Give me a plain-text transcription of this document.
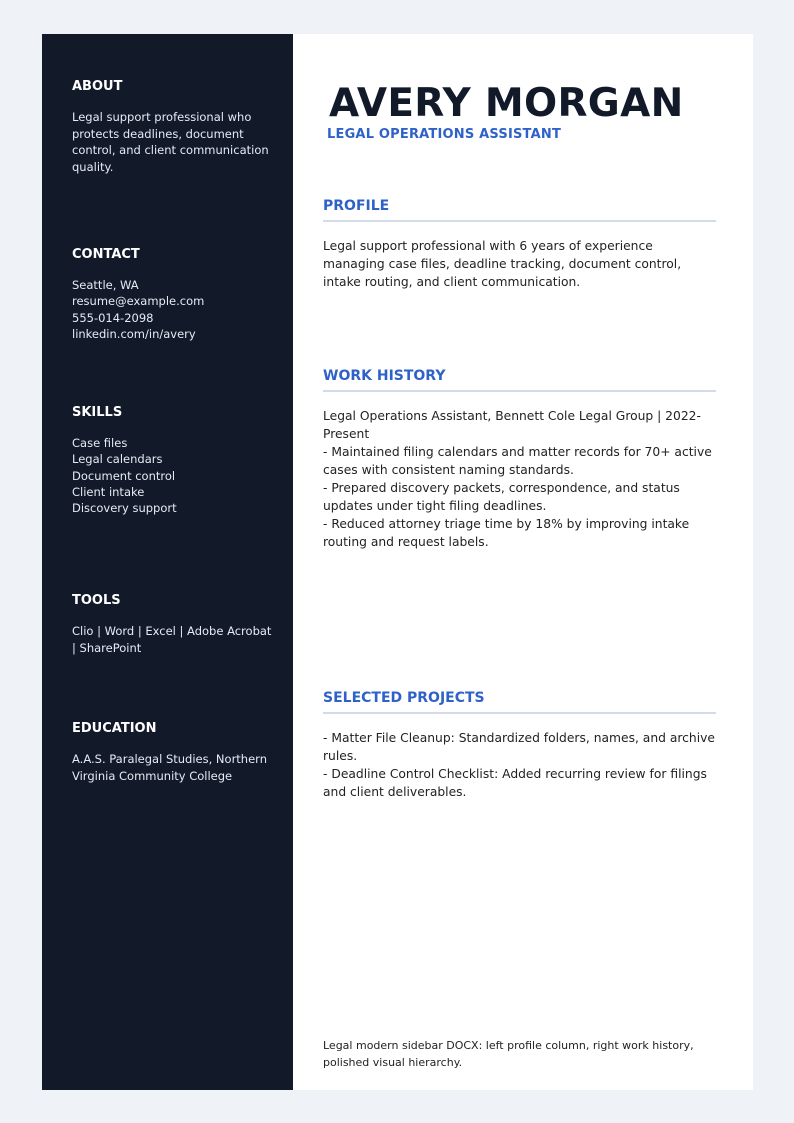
ABOUT

Legal support professional who protects deadlines, document control, and client communication quality.

CONTACT
Seattle, WA
resume@example.com
555-014-2098
linkedin.com/in/avery
SKILLS
Case files
Legal calendars
Document control
Client intake
Discovery support
TOOLS

Clio | Word | Excel | Adobe Acrobat | SharePoint

EDUCATION

A.A.S. Paralegal Studies, Northern Virginia Community College

AVERY MORGAN
LEGAL OPERATIONS ASSISTANT
PROFILE
Legal support professional with 6 years of experience managing case files, deadline tracking, document control, intake routing, and client communication.
WORK HISTORY
Legal Operations Assistant, Bennett Cole Legal Group | 2022-Present
- Maintained filing calendars and matter records for 70+ active cases with consistent naming standards.
- Prepared discovery packets, correspondence, and status updates under tight filing deadlines.
- Reduced attorney triage time by 18% by improving intake routing and request labels.
SELECTED PROJECTS
- Matter File Cleanup: Standardized folders, names, and archive rules.
- Deadline Control Checklist: Added recurring review for filings and client deliverables.
Legal modern sidebar DOCX: left profile column, right work history, polished visual hierarchy.
